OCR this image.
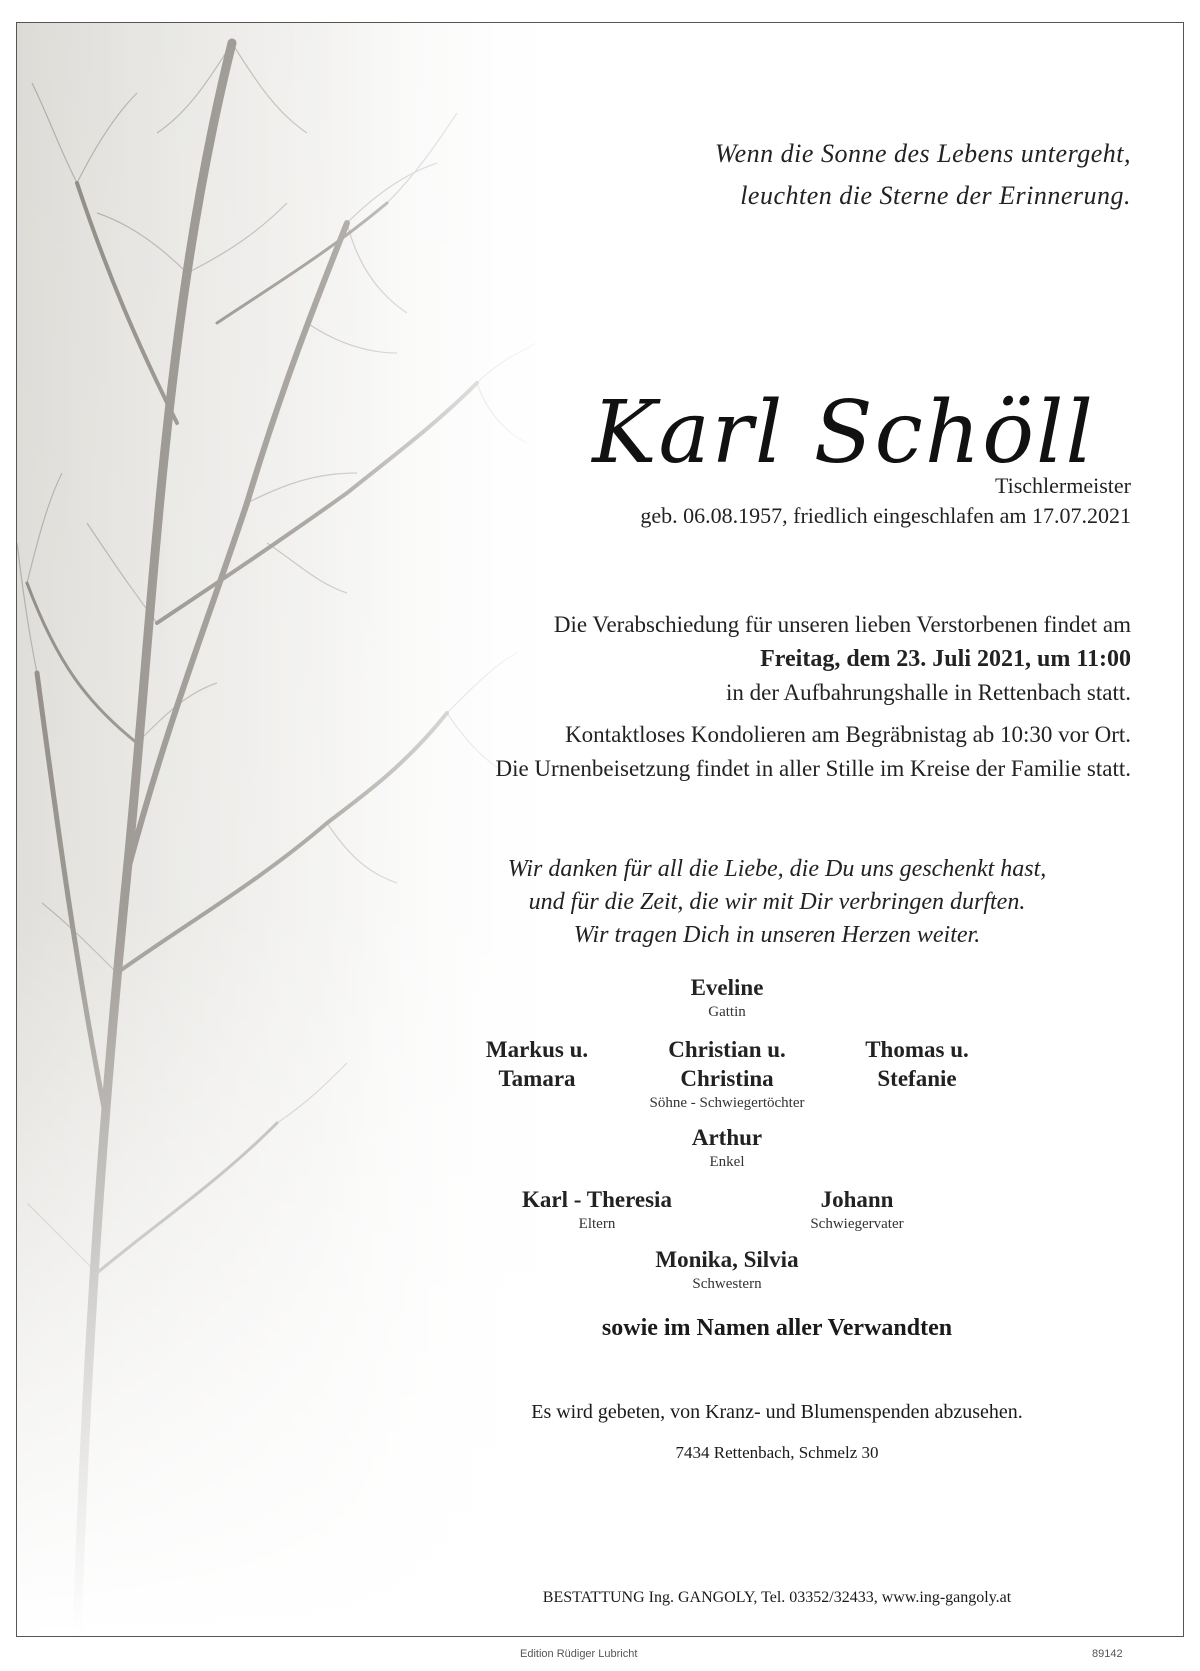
Wenn die Sonne des Lebens untergeht,
leuchten die Sterne der Erinnerung.
Karl Schöll
Tischlermeister
geb. 06.08.1957, friedlich eingeschlafen am 17.07.2021
Die Verabschiedung für unseren lieben Verstorbenen findet am
Freitag, dem 23. Juli 2021, um 11:00
in der Aufbahrungshalle in Rettenbach statt.
Kontaktloses Kondolieren am Begräbnistag ab 10:30 vor Ort.
Die Urnenbeisetzung findet in aller Stille im Kreise der Familie statt.
Wir danken für all die Liebe, die Du uns geschenkt hast,
und für die Zeit, die wir mit Dir verbringen durften.
Wir tragen Dich in unseren Herzen weiter.
Eveline
Gattin
Markus u.
Tamara
Christian u.
Christina
Söhne - Schwiegertöchter
Thomas u.
Stefanie
Arthur
Enkel
Karl - Theresia
Eltern
Johann
Schwiegervater
Monika, Silvia
Schwestern
sowie im Namen aller Verwandten
Es wird gebeten, von Kranz- und Blumenspenden abzusehen.
7434 Rettenbach, Schmelz 30
BESTATTUNG Ing. GANGOLY, Tel. 03352/32433, www.ing-gangoly.at
Edition Rüdiger Lubricht	89142
